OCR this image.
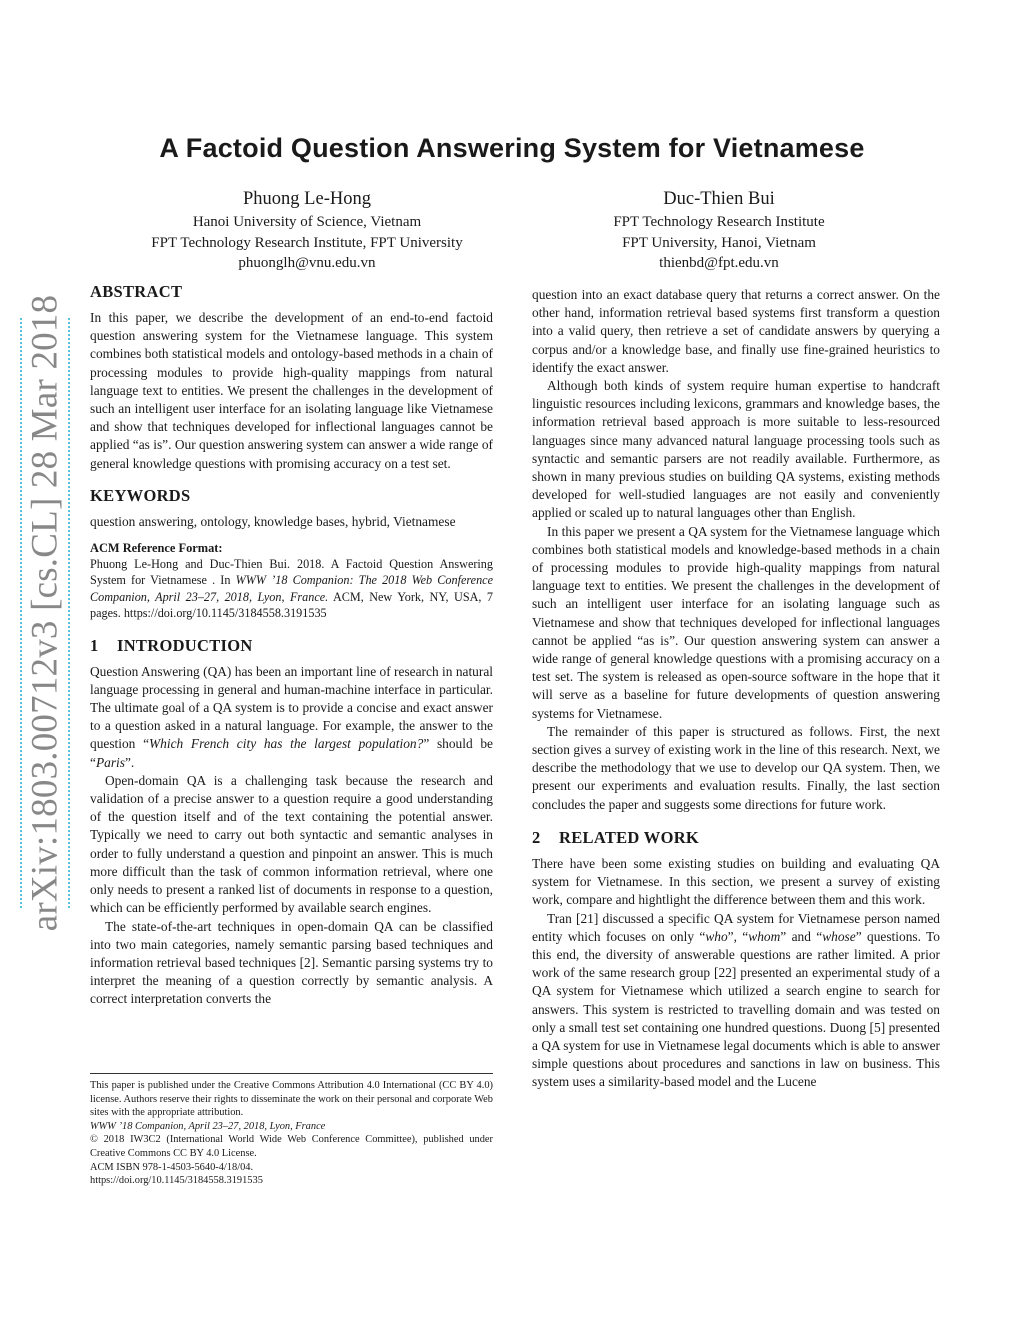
A Factoid Question Answering System for Vietnamese
Phuong Le-Hong
Hanoi University of Science, Vietnam
FPT Technology Research Institute, FPT University
phuonglh@vnu.edu.vn
Duc-Thien Bui
FPT Technology Research Institute
FPT University, Hanoi, Vietnam
thienbd@fpt.edu.vn
arXiv:1803.00712v3 [cs.CL] 28 Mar 2018
ABSTRACT

In this paper, we describe the development of an end-to-end factoid question answering system for the Vietnamese language. This system combines both statistical models and ontology-based methods in a chain of processing modules to provide high-quality mappings from natural language text to entities. We present the challenges in the development of such an intelligent user interface for an isolating language like Vietnamese and show that techniques developed for inflectional languages cannot be applied “as is”. Our question answering system can answer a wide range of general knowledge questions with promising accuracy on a test set.

KEYWORDS

question answering, ontology, knowledge bases, hybrid, Vietnamese

ACM Reference Format:
Phuong Le-Hong and Duc-Thien Bui. 2018. A Factoid Question Answering System for Vietnamese . In WWW ’18 Companion: The 2018 Web Conference Companion, April 23–27, 2018, Lyon, France. ACM, New York, NY, USA, 7 pages. https://doi.org/10.1145/3184558.3191535
1 INTRODUCTION

Question Answering (QA) has been an important line of research in natural language processing in general and human-machine interface in particular. The ultimate goal of a QA system is to provide a concise and exact answer to a question asked in a natural language. For example, the answer to the question “Which French city has the largest population?” should be “Paris”.

Open-domain QA is a challenging task because the research and validation of a precise answer to a question require a good understanding of the question itself and of the text containing the potential answer. Typically we need to carry out both syntactic and semantic analyses in order to fully understand a question and pinpoint an answer. This is much more difficult than the task of common information retrieval, where one only needs to present a ranked list of documents in response to a question, which can be efficiently performed by available search engines.

The state-of-the-art techniques in open-domain QA can be classified into two main categories, namely semantic parsing based techniques and information retrieval based techniques [2]. Semantic parsing systems try to interpret the meaning of a question correctly by semantic analysis. A correct interpretation converts the

This paper is published under the Creative Commons Attribution 4.0 International (CC BY 4.0) license. Authors reserve their rights to disseminate the work on their personal and corporate Web sites with the appropriate attribution.
WWW ’18 Companion, April 23–27, 2018, Lyon, France
© 2018 IW3C2 (International World Wide Web Conference Committee), published under Creative Commons CC BY 4.0 License.
ACM ISBN 978-1-4503-5640-4/18/04.
https://doi.org/10.1145/3184558.3191535

question into an exact database query that returns a correct answer. On the other hand, information retrieval based systems first transform a question into a valid query, then retrieve a set of candidate answers by querying a corpus and/or a knowledge base, and finally use fine-grained heuristics to identify the exact answer.

Although both kinds of system require human expertise to handcraft linguistic resources including lexicons, grammars and knowledge bases, the information retrieval based approach is more suitable to less-resourced languages since many advanced natural language processing tools such as syntactic and semantic parsers are not readily available. Furthermore, as shown in many previous studies on building QA systems, existing methods developed for well-studied languages are not easily and conveniently applied or scaled up to natural languages other than English.

In this paper we present a QA system for the Vietnamese language which combines both statistical models and knowledge-based methods in a chain of processing modules to provide high-quality mappings from natural language text to entities. We present the challenges in the development of such an intelligent user interface for an isolating language such as Vietnamese and show that techniques developed for inflectional languages cannot be applied “as is”. Our question answering system can answer a wide range of general knowledge questions with a promising accuracy on a test set. The system is released as open-source software in the hope that it will serve as a baseline for future developments of question answering systems for Vietnamese.

The remainder of this paper is structured as follows. First, the next section gives a survey of existing work in the line of this research. Next, we describe the methodology that we use to develop our QA system. Then, we present our experiments and evaluation results. Finally, the last section concludes the paper and suggests some directions for future work.

2 RELATED WORK

There have been some existing studies on building and evaluating QA system for Vietnamese. In this section, we present a survey of existing work, compare and hightlight the difference between them and this work.

Tran [21] discussed a specific QA system for Vietnamese person named entity which focuses on only “who”, “whom” and “whose” questions. To this end, the diversity of answerable questions are rather limited. A prior work of the same research group [22] presented an experimental study of a QA system for Vietnamese which utilized a search engine to search for answers. This system is restricted to travelling domain and was tested on only a small test set containing one hundred questions. Duong [5] presented a QA system for use in Vietnamese legal documents which is able to answer simple questions about procedures and sanctions in law on business. This system uses a similarity-based model and the Lucene
